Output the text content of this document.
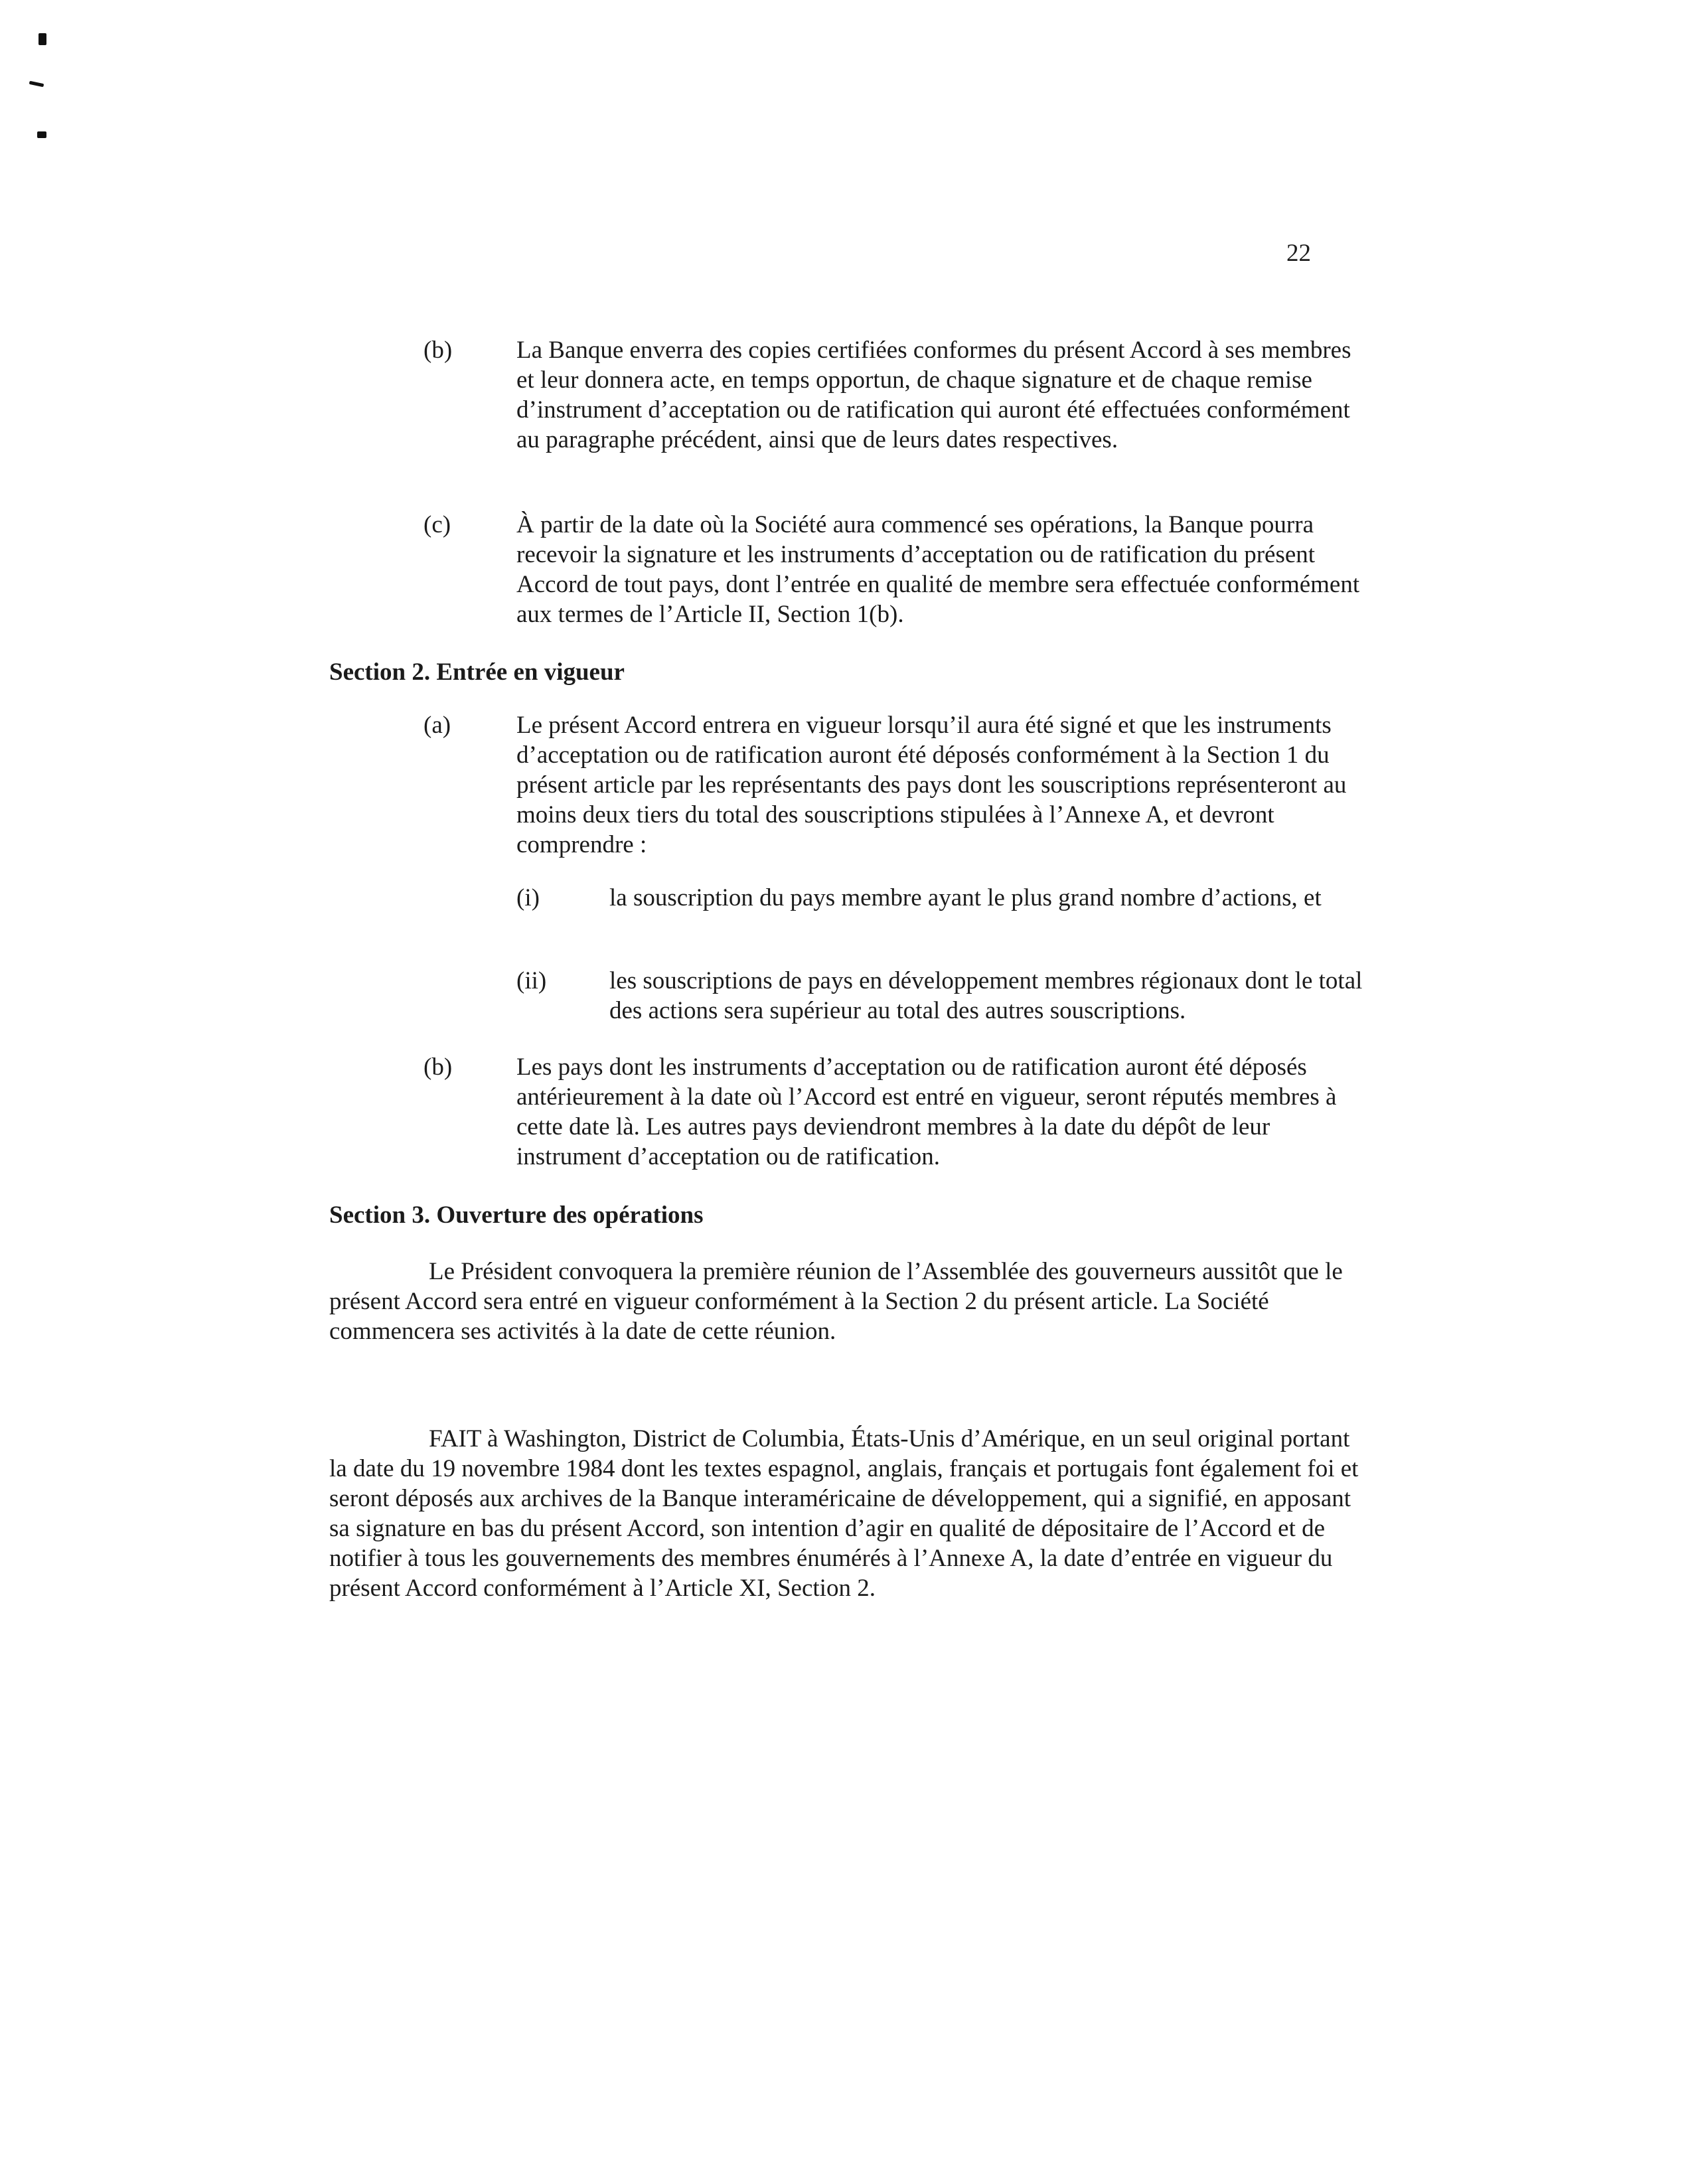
22
(b)	La Banque enverra des copies certifiées conformes du présent Accord à ses membres et leur donnera acte, en temps opportun, de chaque signature et de chaque remise d’instrument d’acceptation ou de ratification qui auront été effectuées conformément au paragraphe précédent, ainsi que de leurs dates respectives.
(c)	À partir de la date où la Société aura commencé ses opérations, la Banque pourra recevoir la signature et les instruments d’acceptation ou de ratification du présent Accord de tout pays, dont l’entrée en qualité de membre sera effectuée conformément aux termes de l’Article II, Section 1(b).
Section 2. Entrée en vigueur
(a)	Le présent Accord entrera en vigueur lorsqu’il aura été signé et que les instruments d’acceptation ou de ratification auront été déposés conformément à la Section 1 du présent article par les représentants des pays dont les souscriptions représenteront au moins deux tiers du total des souscriptions stipulées à l’Annexe A, et devront comprendre :
(i)	la souscription du pays membre ayant le plus grand nombre d’actions, et
(ii)	les souscriptions de pays en développement membres régionaux dont le total des actions sera supérieur au total des autres souscriptions.
(b)	Les pays dont les instruments d’acceptation ou de ratification auront été déposés antérieurement à la date où l’Accord est entré en vigueur, seront réputés membres à cette date là. Les autres pays deviendront membres à la date du dépôt de leur instrument d’acceptation ou de ratification.
Section 3. Ouverture des opérations
Le Président convoquera la première réunion de l’Assemblée des gouverneurs aussitôt que le présent Accord sera entré en vigueur conformément à la Section 2 du présent article. La Société commencera ses activités à la date de cette réunion.
FAIT à Washington, District de Columbia, États-Unis d’Amérique, en un seul original portant la date du 19 novembre 1984 dont les textes espagnol, anglais, français et portugais font également foi et seront déposés aux archives de la Banque interaméricaine de développement, qui a signifié, en apposant sa signature en bas du présent Accord, son intention d’agir en qualité de dépositaire de l’Accord et de notifier à tous les gouvernements des membres énumérés à l’Annexe A, la date d’entrée en vigueur du présent Accord conformément à l’Article XI, Section 2.
